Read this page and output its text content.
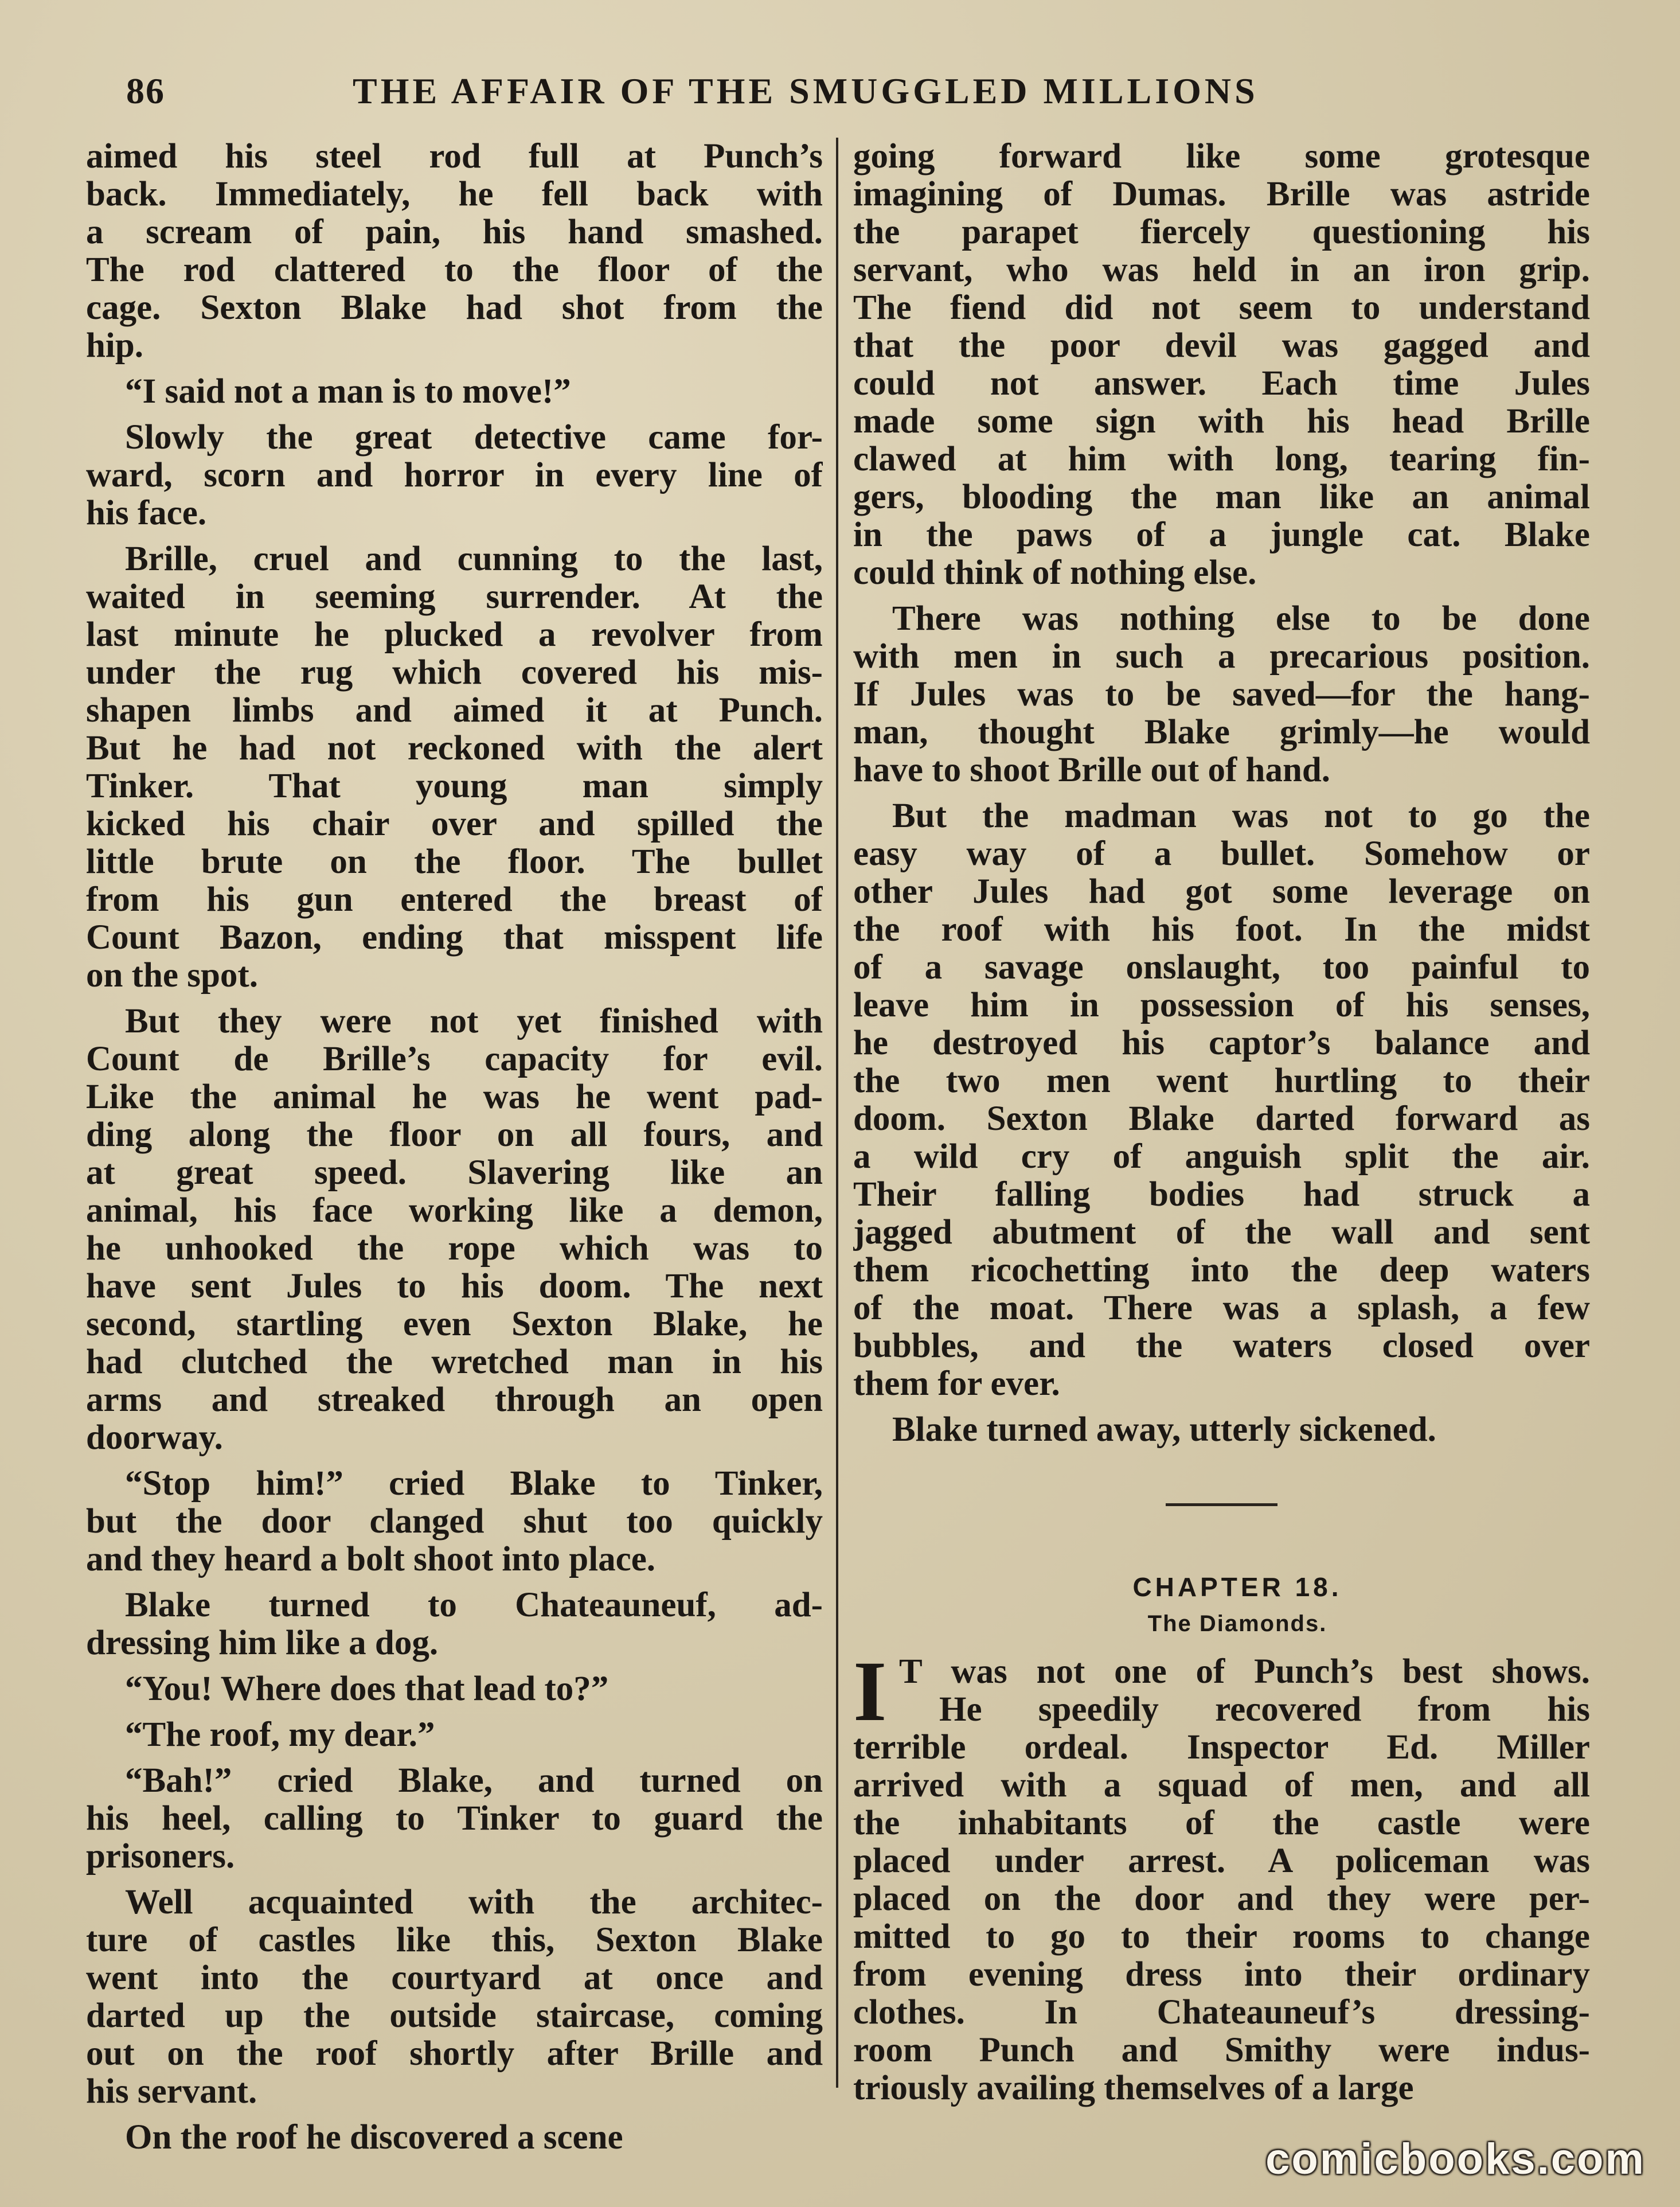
86	THE AFFAIR OF THE SMUGGLED MILLIONS
aimed his steel rod full at Punch’s
back. Immediately, he fell back with
a scream of pain, his hand smashed.
The rod clattered to the floor of the
cage. Sexton Blake had shot from the
hip.
“I said not a man is to move!”
Slowly the great detective came for-
ward, scorn and horror in every line of
his face.
Brille, cruel and cunning to the last,
waited in seeming surrender. At the
last minute he plucked a revolver from
under the rug which covered his mis-
shapen limbs and aimed it at Punch.
But he had not reckoned with the alert
Tinker. That young man simply
kicked his chair over and spilled the
little brute on the floor. The bullet
from his gun entered the breast of
Count Bazon, ending that misspent life
on the spot.
But they were not yet finished with
Count de Brille’s capacity for evil.
Like the animal he was he went pad-
ding along the floor on all fours, and
at great speed. Slavering like an
animal, his face working like a demon,
he unhooked the rope which was to
have sent Jules to his doom. The next
second, startling even Sexton Blake, he
had clutched the wretched man in his
arms and streaked through an open
doorway.
“Stop him!” cried Blake to Tinker,
but the door clanged shut too quickly
and they heard a bolt shoot into place.
Blake turned to Chateauneuf, ad-
dressing him like a dog.
“You! Where does that lead to?”
“The roof, my dear.”
“Bah!” cried Blake, and turned on
his heel, calling to Tinker to guard the
prisoners.
Well acquainted with the architec-
ture of castles like this, Sexton Blake
went into the courtyard at once and
darted up the outside staircase, coming
out on the roof shortly after Brille and
his servant.
On the roof he discovered a scene
going forward like some grotesque
imagining of Dumas. Brille was astride
the parapet fiercely questioning his
servant, who was held in an iron grip.
The fiend did not seem to understand
that the poor devil was gagged and
could not answer. Each time Jules
made some sign with his head Brille
clawed at him with long, tearing fin-
gers, blooding the man like an animal
in the paws of a jungle cat. Blake
could think of nothing else.
There was nothing else to be done
with men in such a precarious position.
If Jules was to be saved—for the hang-
man, thought Blake grimly—he would
have to shoot Brille out of hand.
But the madman was not to go the
easy way of a bullet. Somehow or
other Jules had got some leverage on
the roof with his foot. In the midst
of a savage onslaught, too painful to
leave him in possession of his senses,
he destroyed his captor’s balance and
the two men went hurtling to their
doom. Sexton Blake darted forward as
a wild cry of anguish split the air.
Their falling bodies had struck a
jagged abutment of the wall and sent
them ricochetting into the deep waters
of the moat. There was a splash, a few
bubbles, and the waters closed over
them for ever.
Blake turned away, utterly sickened.
CHAPTER 18.
The Diamonds.
I T was not one of Punch’s best shows.
He speedily recovered from his
terrible ordeal. Inspector Ed. Miller
arrived with a squad of men, and all
the inhabitants of the castle were
placed under arrest. A policeman was
placed on the door and they were per-
mitted to go to their rooms to change
from evening dress into their ordinary
clothes. In Chateauneuf’s dressing-
room Punch and Smithy were indus-
triously availing themselves of a large
comicbooks.com
